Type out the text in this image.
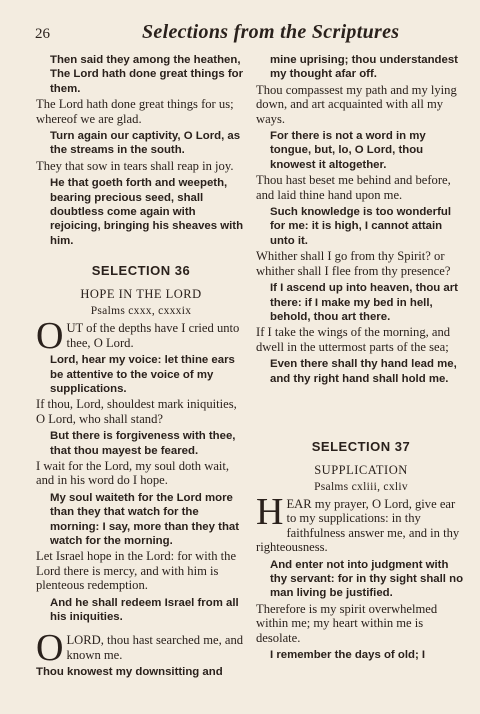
26	Selections from the Scriptures

Then said they among the heathen, The Lord hath done great things for them.

The Lord hath done great things for us; whereof we are glad.

Turn again our captivity, O Lord, as the streams in the south.

They that sow in tears shall reap in joy.

He that goeth forth and weepeth, bearing precious seed, shall doubtless come again with rejoicing, bringing his sheaves with him.

SELECTION 36
HOPE IN THE LORD
Psalms cxxx, cxxxix
O UT of the depths have I cried unto thee, O Lord.

Lord, hear my voice: let thine ears be attentive to the voice of my supplications.

If thou, Lord, shouldest mark iniquities, O Lord, who shall stand?

But there is forgiveness with thee, that thou mayest be feared.

I wait for the Lord, my soul doth wait, and in his word do I hope.

My soul waiteth for the Lord more than they that watch for the morning: I say, more than they that watch for the morning.

Let Israel hope in the Lord: for with the Lord there is mercy, and with him is plenteous redemption.

And he shall redeem Israel from all his iniquities.

O LORD, thou hast searched me, and known me.

Thou knowest my downsitting and

mine uprising; thou understandest my thought afar off.

Thou compassest my path and my lying down, and art acquainted with all my ways.

For there is not a word in my tongue, but, lo, O Lord, thou knowest it altogether.

Thou hast beset me behind and before, and laid thine hand upon me.

Such knowledge is too wonderful for me: it is high, I cannot attain unto it.

Whither shall I go from thy Spirit? or whither shall I flee from thy presence?

If I ascend up into heaven, thou art there: if I make my bed in hell, behold, thou art there.

If I take the wings of the morning, and dwell in the uttermost parts of the sea;

Even there shall thy hand lead me, and thy right hand shall hold me.

SELECTION 37
SUPPLICATION
Psalms cxliii, cxliv
H EAR my prayer, O Lord, give ear to my supplications: in thy faithfulness answer me, and in thy righteousness.

And enter not into judgment with thy servant: for in thy sight shall no man living be justified.

Therefore is my spirit overwhelmed within me; my heart within me is desolate.

I remember the days of old; I
